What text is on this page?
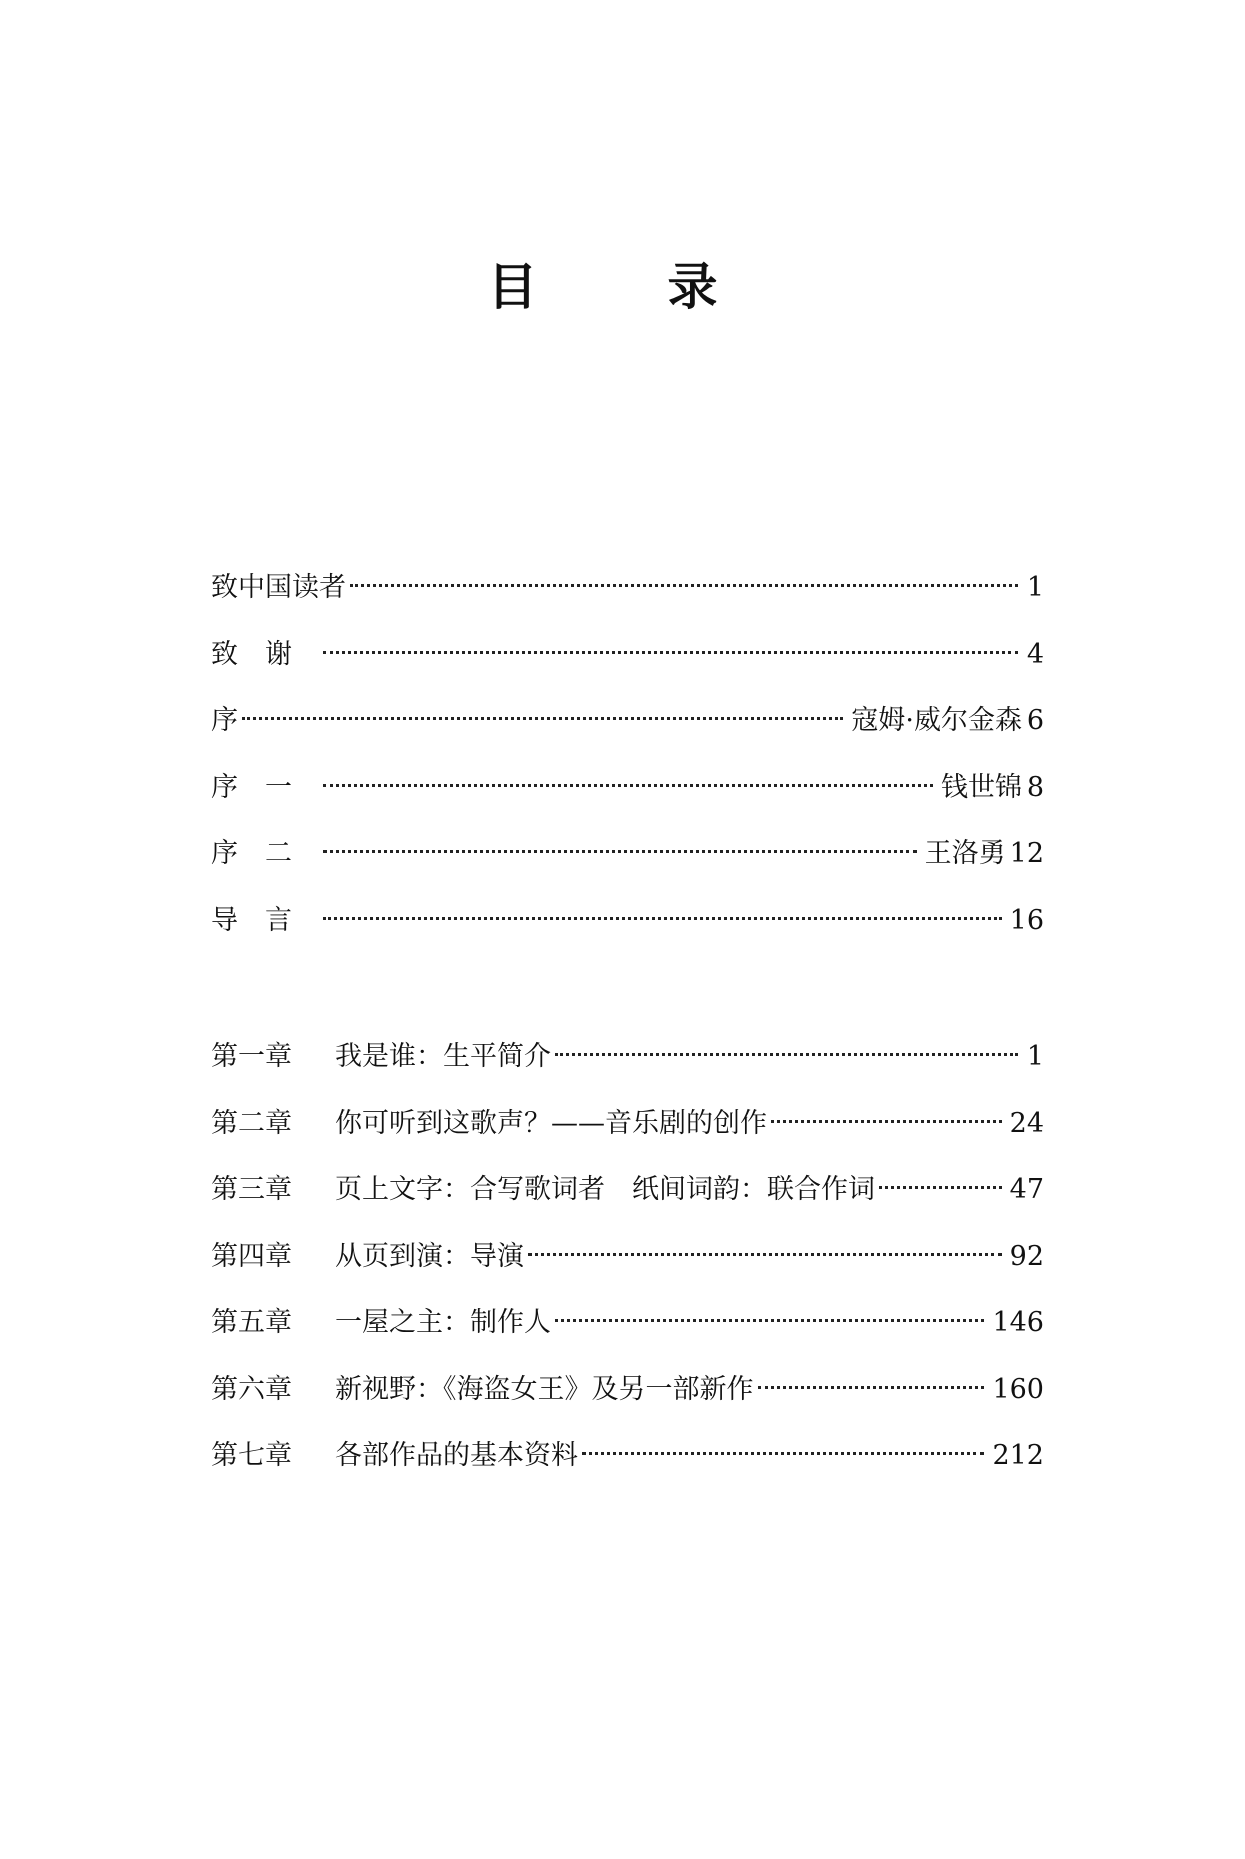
目　录
致中国读者	1
致谢	4
序	寇姆·威尔金森 6
序一	钱世锦 8
序二	王洛勇 12
导言	16
第一章	我是谁：生平简介	1
第二章	你可听到这歌声？——音乐剧的创作	24
第三章	页上文字：合写歌词者　纸间词韵：联合作词	47
第四章	从页到演：导演	92
第五章	一屋之主：制作人	146
第六章	新视野：《海盗女王》及另一部新作	160
第七章	各部作品的基本资料	212
